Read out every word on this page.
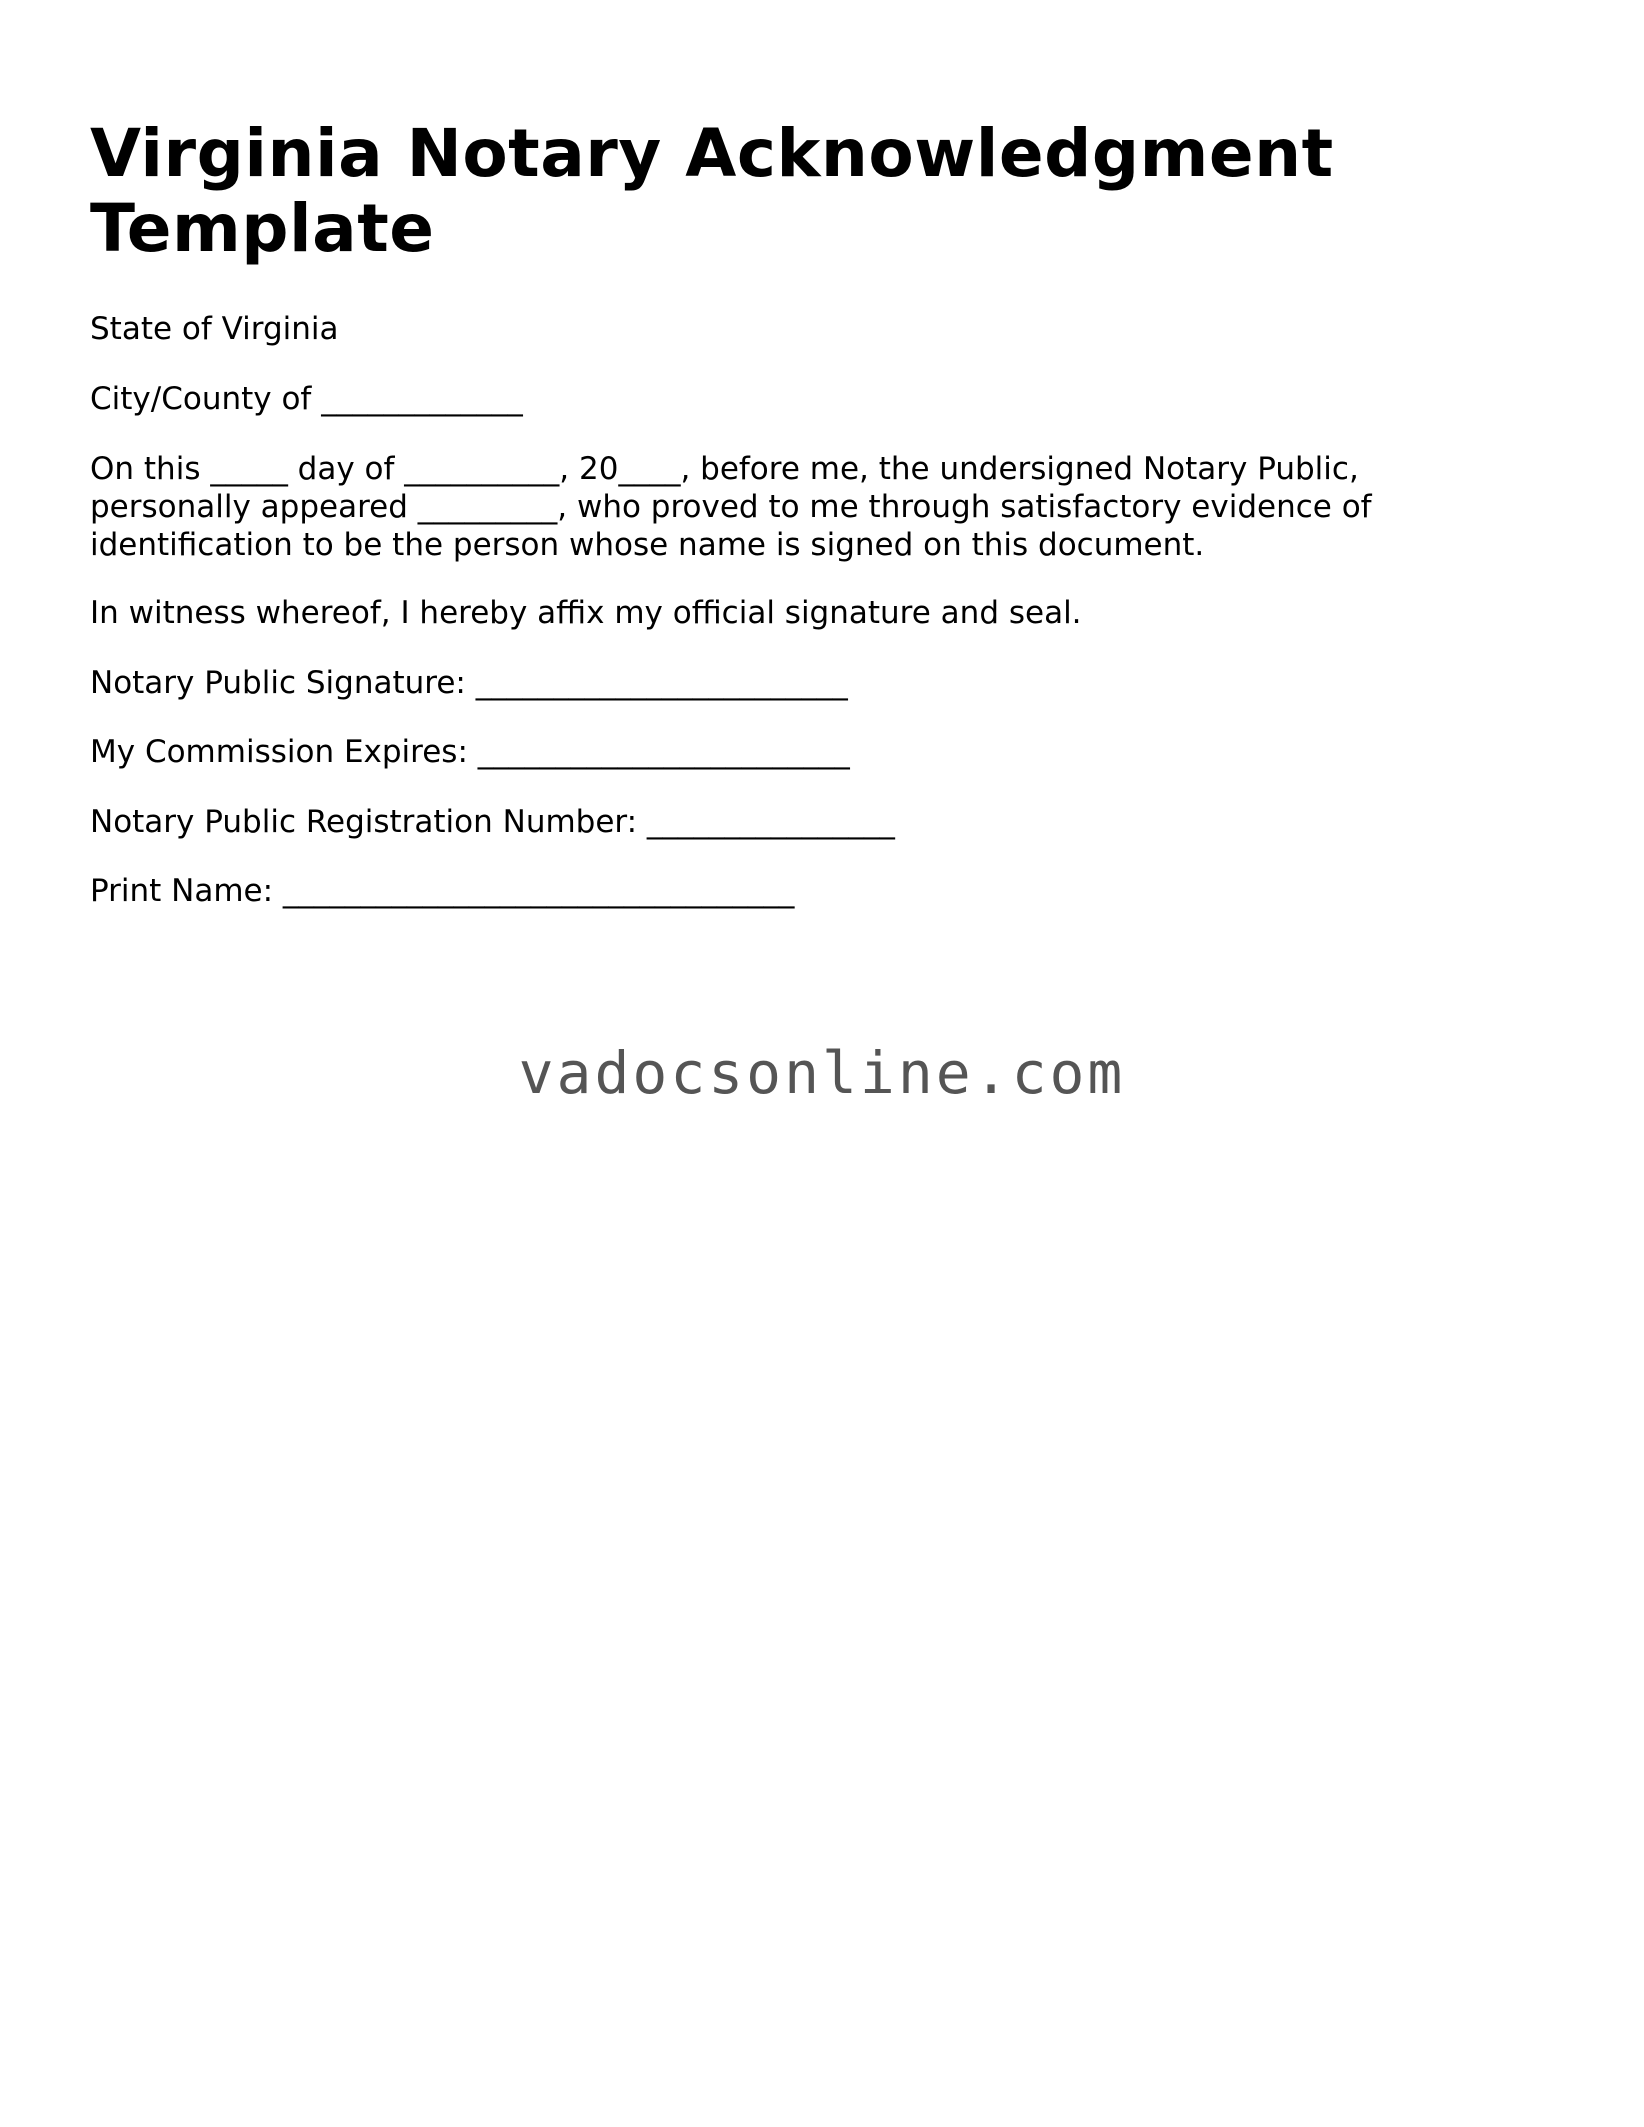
Virginia Notary Acknowledgment Template

State of Virginia

City/County of _____________

On this _____ day of __________, 20____, before me, the undersigned Notary Public, personally appeared _________, who proved to me through satisfactory evidence of identification to be the person whose name is signed on this document.

In witness whereof, I hereby affix my official signature and seal.

Notary Public Signature: ________________________

My Commission Expires: ________________________

Notary Public Registration Number: ________________

Print Name: _________________________________

vadocsonline.com
